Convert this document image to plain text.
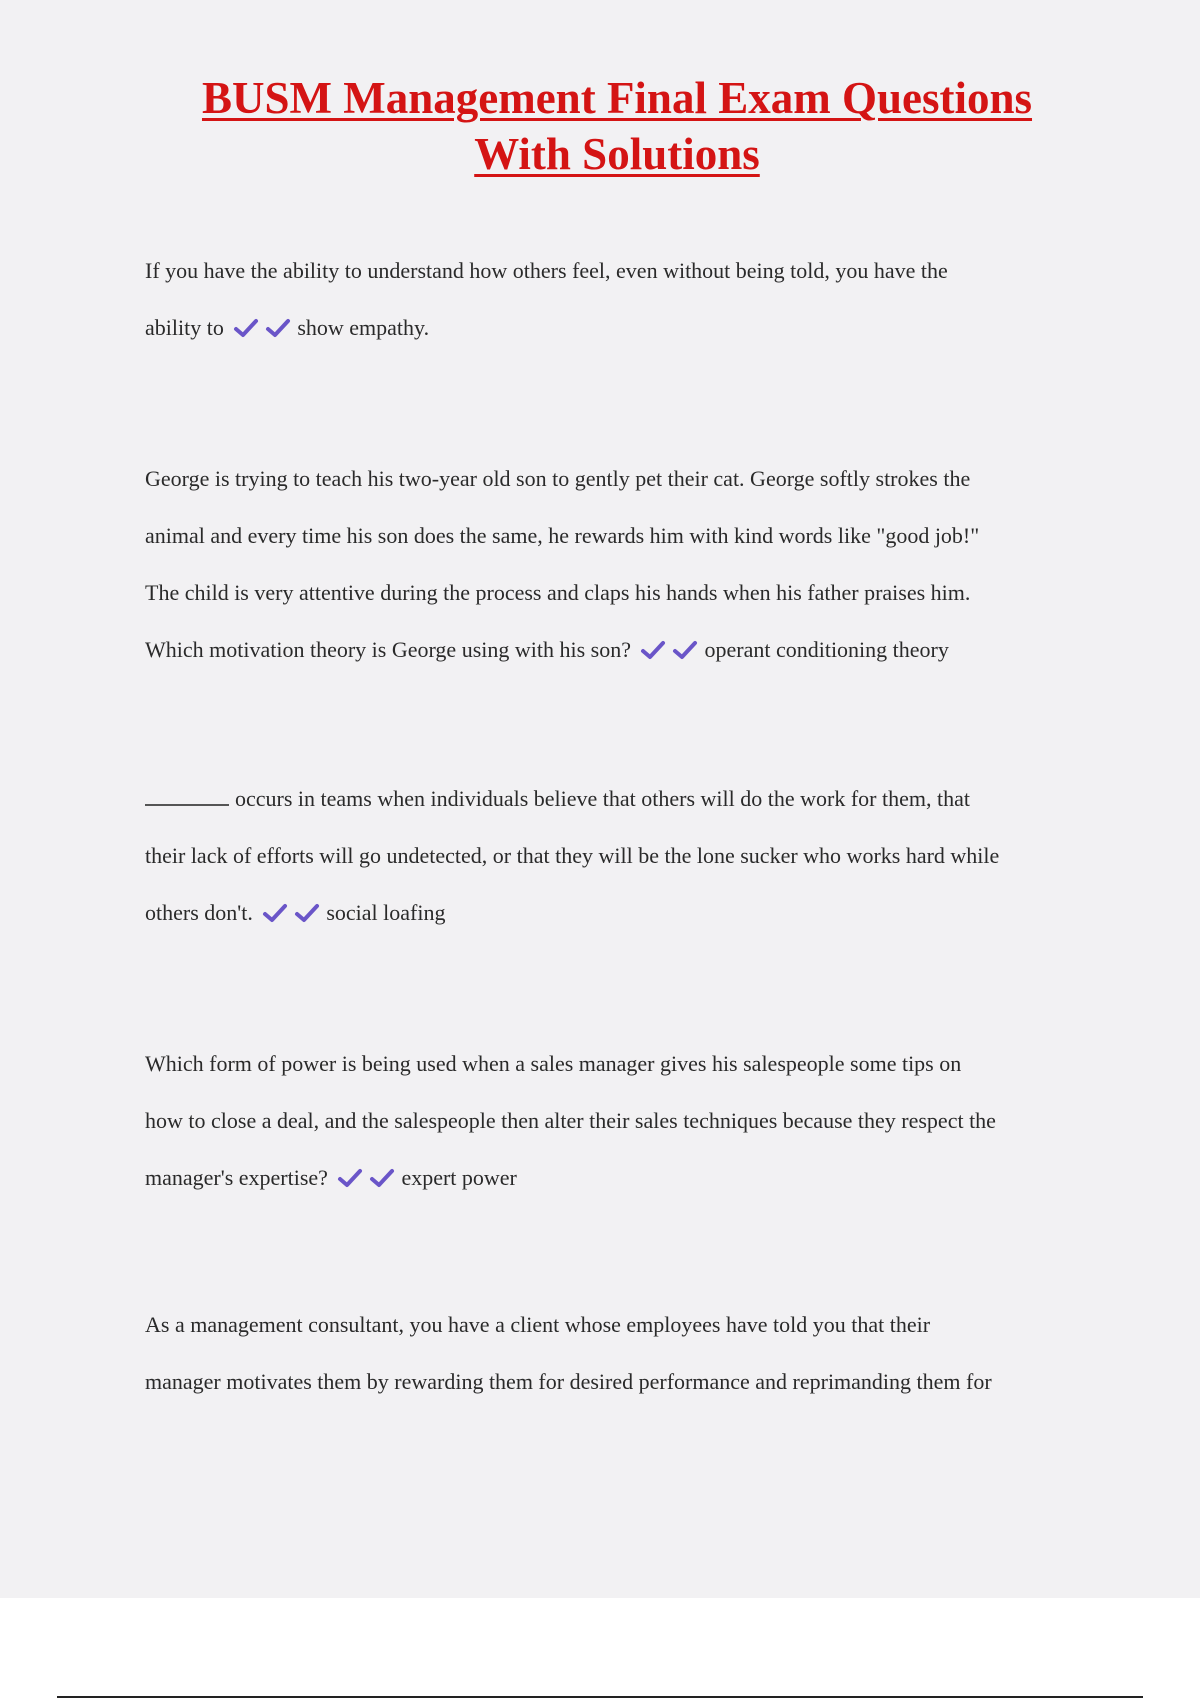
BUSM Management Final Exam Questions
With Solutions
If you have the ability to understand how others feel, even without being told, you have the
ability to	show empathy.
George is trying to teach his two-year old son to gently pet their cat. George softly strokes the
animal and every time his son does the same, he rewards him with kind words like "good job!"
The child is very attentive during the process and claps his hands when his father praises him.
Which motivation theory is George using with his son?	operant conditioning theory
occurs in teams when individuals believe that others will do the work for them, that
their lack of efforts will go undetected, or that they will be the lone sucker who works hard while
others don't.	social loafing
Which form of power is being used when a sales manager gives his salespeople some tips on
how to close a deal, and the salespeople then alter their sales techniques because they respect the
manager's expertise?	expert power
As a management consultant, you have a client whose employees have told you that their
manager motivates them by rewarding them for desired performance and reprimanding them for
